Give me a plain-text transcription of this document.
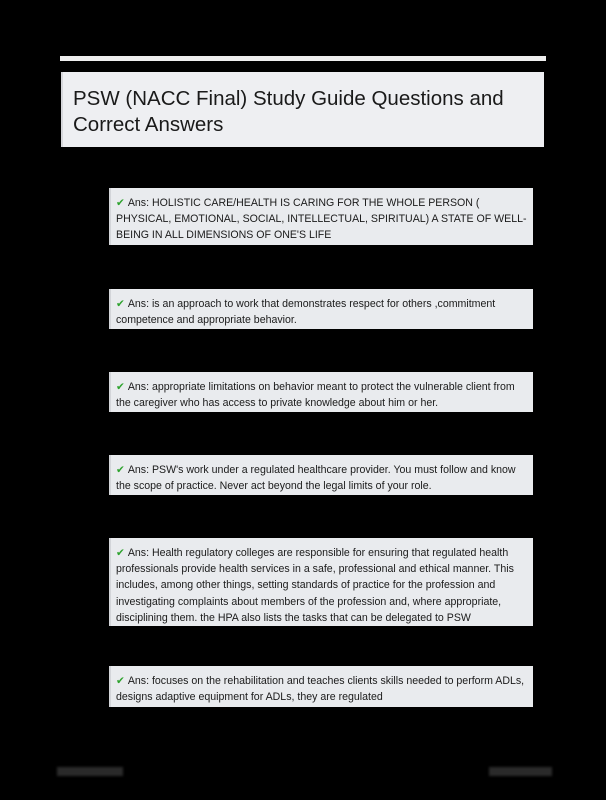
PSW (NACC Final) Study Guide Questions and Correct Answers
✔ Ans: HOLISTIC CARE/HEALTH IS CARING FOR THE WHOLE PERSON ( PHYSICAL, EMOTIONAL, SOCIAL, INTELLECTUAL, SPIRITUAL) A STATE OF WELL-BEING IN ALL DIMENSIONS OF ONE'S LIFE
✔ Ans: is an approach to work that demonstrates respect for others ,commitment competence and appropriate behavior.
✔ Ans: appropriate limitations on behavior meant to protect the vulnerable client from the caregiver who has access to private knowledge about him or her.
✔ Ans: PSW's work under a regulated healthcare provider. You must follow and know the scope of practice. Never act beyond the legal limits of your role.
✔ Ans: Health regulatory colleges are responsible for ensuring that regulated health professionals provide health services in a safe, professional and ethical manner. This includes, among other things, setting standards of practice for the profession and investigating complaints about members of the profession and, where appropriate, disciplining them. the HPA also lists the tasks that can be delegated to PSW
✔ Ans: focuses on the rehabilitation and teaches clients skills needed to perform ADLs, designs adaptive equipment for ADLs, they are regulated
